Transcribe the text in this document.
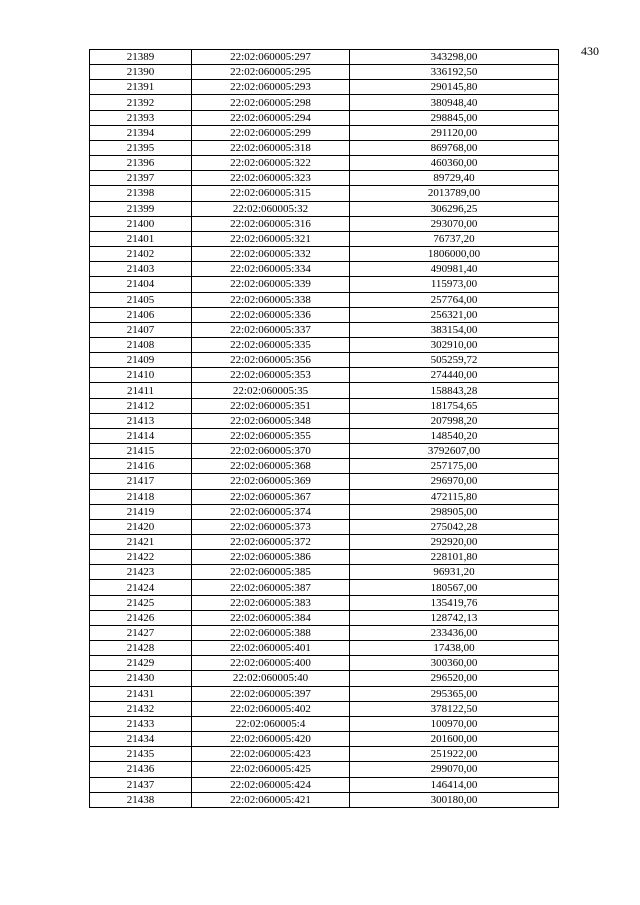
430
21389	22:02:060005:297	343298,00
21390	22:02:060005:295	336192,50
21391	22:02:060005:293	290145,80
21392	22:02:060005:298	380948,40
21393	22:02:060005:294	298845,00
21394	22:02:060005:299	291120,00
21395	22:02:060005:318	869768,00
21396	22:02:060005:322	460360,00
21397	22:02:060005:323	89729,40
21398	22:02:060005:315	2013789,00
21399	22:02:060005:32	306296,25
21400	22:02:060005:316	293070,00
21401	22:02:060005:321	76737,20
21402	22:02:060005:332	1806000,00
21403	22:02:060005:334	490981,40
21404	22:02:060005:339	115973,00
21405	22:02:060005:338	257764,00
21406	22:02:060005:336	256321,00
21407	22:02:060005:337	383154,00
21408	22:02:060005:335	302910,00
21409	22:02:060005:356	505259,72
21410	22:02:060005:353	274440,00
21411	22:02:060005:35	158843,28
21412	22:02:060005:351	181754,65
21413	22:02:060005:348	207998,20
21414	22:02:060005:355	148540,20
21415	22:02:060005:370	3792607,00
21416	22:02:060005:368	257175,00
21417	22:02:060005:369	296970,00
21418	22:02:060005:367	472115,80
21419	22:02:060005:374	298905,00
21420	22:02:060005:373	275042,28
21421	22:02:060005:372	292920,00
21422	22:02:060005:386	228101,80
21423	22:02:060005:385	96931,20
21424	22:02:060005:387	180567,00
21425	22:02:060005:383	135419,76
21426	22:02:060005:384	128742,13
21427	22:02:060005:388	233436,00
21428	22:02:060005:401	17438,00
21429	22:02:060005:400	300360,00
21430	22:02:060005:40	296520,00
21431	22:02:060005:397	295365,00
21432	22:02:060005:402	378122,50
21433	22:02:060005:4	100970,00
21434	22:02:060005:420	201600,00
21435	22:02:060005:423	251922,00
21436	22:02:060005:425	299070,00
21437	22:02:060005:424	146414,00
21438	22:02:060005:421	300180,00
